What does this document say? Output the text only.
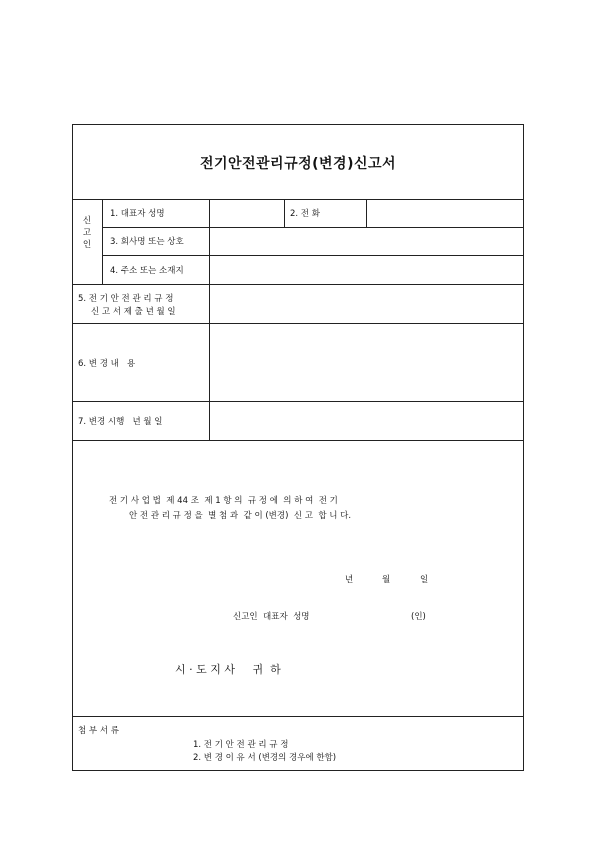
전기안전관리규정(변경)신고서
신고인
1. 대표자 성명	2. 전 화
3. 회사명 또는 상호
4. 주소 또는 소재지
5. 전 기 안 전 관 리 규 정
신 고 서 제 출 년 월 일
6. 변 경 내   용
7. 변경 시행   년 월 일
전 기 사 업 법  제 44 조  제 1 항 의  규 정 에  의 하 여  전 기
안 전 관 리 규 정 을  별 첨 과  같 이 (변경)  신 고  합 니 다.
년	월	일
신고인  대표자  성명	(인)
시 · 도 지 사     귀  하
첨 부 서 류
1. 전 기 안 전 관 리 규 정
2. 변 경 이 유 서 (변경의 경우에 한함)
